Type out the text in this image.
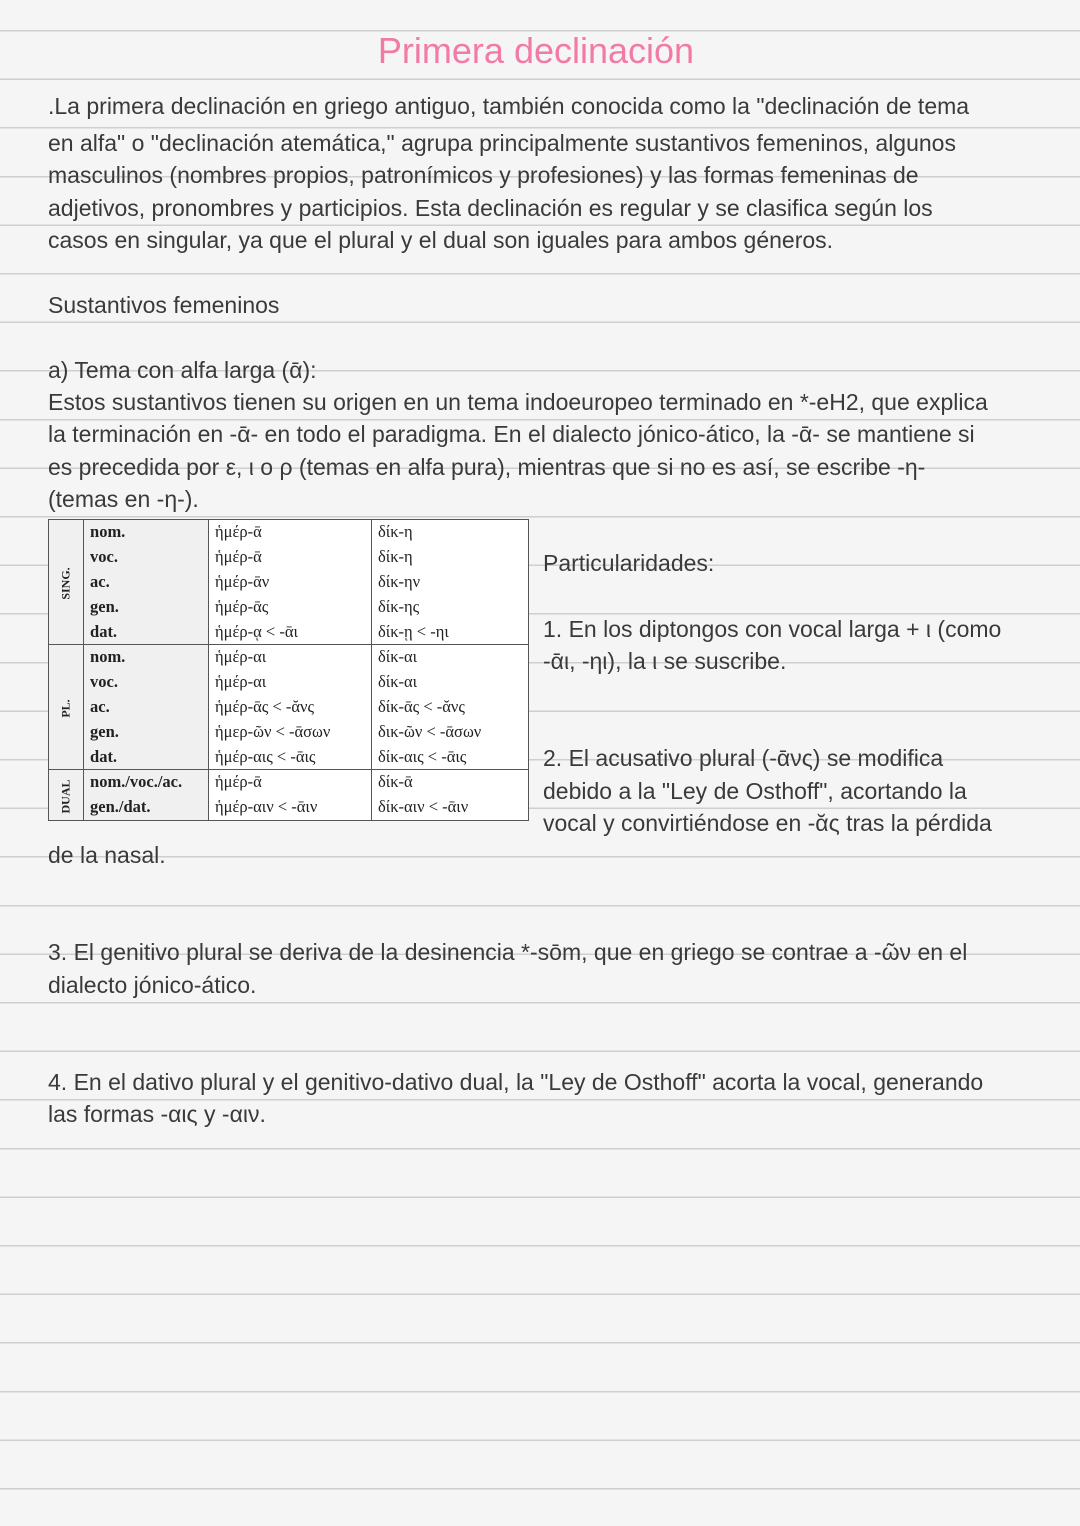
Primera declinación
.La primera declinación en griego antiguo, también conocida como la "declinación de tema
en alfa" o "declinación atemática," agrupa principalmente sustantivos femeninos, algunos
masculinos (nombres propios, patronímicos y profesiones) y las formas femeninas de
adjetivos, pronombres y participios. Esta declinación es regular y se clasifica según los
casos en singular, ya que el plural y el dual son iguales para ambos géneros.
Sustantivos femeninos
a) Tema con alfa larga (ᾱ):
Estos sustantivos tienen su origen en un tema indoeuropeo terminado en *-eH2, que explica
la terminación en -ᾱ- en todo el paradigma. En el dialecto jónico-ático, la -ᾱ- se mantiene si
es precedida por ε, ι o ρ (temas en alfa pura), mientras que si no es así, se escribe -η-
(temas en -η-).
SING.	nom.	ἡμέρ-ᾱ	δίκ-η
	voc.	ἡμέρ-ᾱ	δίκ-η
	ac.	ἡμέρ-ᾱν	δίκ-ην
	gen.	ἡμέρ-ᾱς	δίκ-ης
	dat.	ἡμέρ-ᾳ < -ᾱι	δίκ-ῃ < -ηι
PL.	nom.	ἡμέρ-αι	δίκ-αι
	voc.	ἡμέρ-αι	δίκ-αι
	ac.	ἡμέρ-ᾱς < -ᾰνς	δίκ-ᾱς < -ᾰνς
	gen.	ἡμερ-ῶν < -ᾱσων	δικ-ῶν < -ᾱσων
	dat.	ἡμέρ-αις < -ᾱις	δίκ-αις < -ᾱις
DUAL	nom./voc./ac.	ἡμέρ-ᾱ	δίκ-ᾱ
	gen./dat.	ἡμέρ-αιν < -ᾱιν	δίκ-αιν < -ᾱιν
Particularidades:
1. En los diptongos con vocal larga + ι (como
-ᾱι, -ηι), la ι se suscribe.
2. El acusativo plural (-ᾱνς) se modifica
debido a la "Ley de Osthoff", acortando la
vocal y convirtiéndose en -ᾰς tras la pérdida
de la nasal.
3. El genitivo plural se deriva de la desinencia *-sōm, que en griego se contrae a -ῶν en el
dialecto jónico-ático.
4. En el dativo plural y el genitivo-dativo dual, la "Ley de Osthoff" acorta la vocal, generando
las formas -αις y -αιν.
